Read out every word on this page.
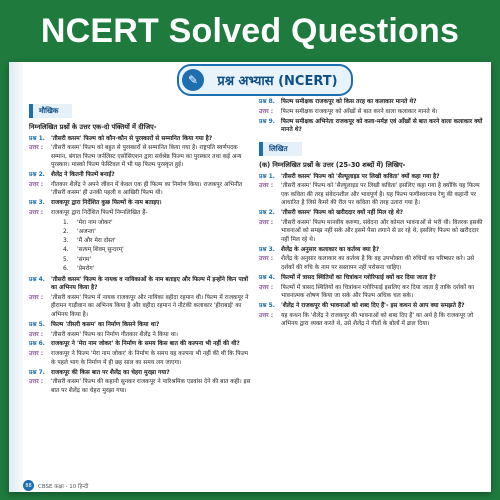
NCERT Solved Questions
✎	प्रश्न अभ्यास (NCERT)
मौखिक
निम्नलिखित प्रश्नों के उत्तर एक-दो पंक्तियों में दीजिए-
प्रश्न 1.	'तीसरी कसम' फिल्म को कौन-कौन से पुरस्कारों से सम्मानित किया गया है?
उत्तर :	'तीसरी कसम' फिल्म को बहुत से पुरस्कारों से सम्मानित किया गया है। राष्ट्रपति स्वर्णपदक सम्मान, बंगाल फिल्म जर्नलिस्ट एसोसिएशन द्वारा सर्वश्रेष्ठ फिल्म का पुरस्कार तथा कई अन्य पुरस्कार। मास्को फिल्म फेस्टिवल में भी यह फिल्म पुरस्कृत हुई।
प्रश्न 2.	शैलेंद्र ने कितनी फिल्में बनाईं?
उत्तर :	गीतकार शैलेंद्र ने अपने जीवन में केवल एक ही फिल्म का निर्माण किया। राजकपूर अभिनीत 'तीसरी कसम' ही उनकी पहली व आखिरी फिल्म थी।
प्रश्न 3.	राजकपूर द्वारा निर्देशित कुछ फिल्मों के नाम बताइए।
उत्तर :	राजकपूर द्वारा निर्देशित फिल्में निम्नलिखित हैं-
1. 'मेरा नाम जोकर'
2. 'अजन्ता'
3. 'मैं और मेरा दोस्त'
4. 'सत्यम् शिवम् सुन्दरम्'
5. 'संगम'
6. 'प्रेमरोग'
प्रश्न 4.	'तीसरी कसम' फिल्म के नायक व नायिकाओं के नाम बताइए और फिल्म में इन्होंने किन पात्रों का अभिनय किया है?
उत्तर :	'तीसरी कसम' फिल्म में नायक राजकपूर और नायिका वहीदा रहमान थी। फिल्म में राजकपूर ने हीरामन गाड़ीवान का अभिनय किया है और वहीदा रहमान ने नौटंकी कलाकार 'हीराबाई' का अभिनय किया है।
प्रश्न 5.	फिल्म 'तीसरी कसम' का निर्माण किसने किया था?
उत्तर :	'तीसरी कसम' फिल्म का निर्माण गीतकार शैलेंद्र ने किया था।
प्रश्न 6.	राजकपूर ने 'मेरा नाम जोकर' के निर्माण के समय किस बात की कल्पना भी नहीं की थी?
उत्तर :	राजकपूर ने फिल्म 'मेरा नाम जोकर' के निर्माण के समय यह कल्पना भी नहीं की थी कि फिल्म के पहले भाग के निर्माण में ही छह साल का समय लग जाएगा।
प्रश्न 7.	राजकपूर की किस बात पर शैलेंद्र का चेहरा मुरझा गया?
उत्तर :	'तीसरी कसम' फिल्म की कहानी सुनकर राजकपूर ने पारिश्रमिक एडवांस देने की बात कही। इस बात पर शैलेंद्र का चेहरा मुरझा गया।
प्रश्न 8.	फिल्म समीक्षक राजकपूर को किस तरह का कलाकार मानते थे?
उत्तर :	फिल्म समीक्षक राजकपूर को आँखों से बात करने वाला कलाकार मानते थे।
प्रश्न 9.	फिल्म समीक्षक अभिनेता राजकपूर को कला-मर्मज्ञ एवं आँखों से बात करने वाला कलाकार क्यों मानते थे?
लिखित
(क) निम्नलिखित प्रश्नों के उत्तर (25-30 शब्दों में) लिखिए-
प्रश्न 1.	'तीसरी कसम' फिल्म को 'सैल्यूलाइड पर लिखी कविता' क्यों कहा गया है?
उत्तर :	'तीसरी कसम' फिल्म को 'सैल्यूलाइड पर लिखी कविता' इसलिए कहा गया है क्योंकि यह फिल्म एक कविता की तरह संवेदनशील और भावपूर्ण है। यह फिल्म फणीश्वरनाथ रेणु की कहानी पर आधारित है जिसे कैमरे की रील पर कविता की तरह उतारा गया है।
प्रश्न 2.	'तीसरी कसम' फिल्म को खरीददार क्यों नहीं मिल रहे थे?
उत्तर :	'तीसरी कसम' फिल्म मानवीय करुणा, संवेदना और कोमल भावनाओं से भरी थी। वितरक इसकी भावनाओं को समझ नहीं सके और इसमें पैसा लगाने से डर रहे थे, इसलिए फिल्म को खरीददार नहीं मिल रहे थे।
प्रश्न 3.	शैलेंद्र के अनुसार कलाकार का कर्तव्य क्या है?
उत्तर :	शैलेंद्र के अनुसार कलाकार का कर्तव्य है कि वह उपभोक्ता की रुचियों का परिष्कार करे। उसे दर्शकों की रुचि के नाम पर सस्तापन नहीं परोसना चाहिए।
प्रश्न 4.	फिल्मों में त्रासद स्थितियों का चित्रांकन ग्लोरिफाई क्यों कर दिया जाता है?
उत्तर :	फिल्मों में त्रासद स्थितियों का चित्रांकन ग्लोरिफाई इसलिए कर दिया जाता है ताकि दर्शकों का भावनात्मक शोषण किया जा सके और फिल्म अधिक चल सके।
प्रश्न 5.	'शैलेंद्र ने राजकपूर की भावनाओं को शब्द दिए हैं'- इस कथन से आप क्या समझते हैं?
उत्तर :	यह कथन कि 'शैलेंद्र ने राजकपूर की भावनाओं को शब्द दिए हैं' का अर्थ है कि राजकपूर जो अभिनय द्वारा व्यक्त करते थे, उसे शैलेंद्र ने गीतों के बोलों में ढाल दिया।
88	CBSE कक्षा - 10 हिन्दी
